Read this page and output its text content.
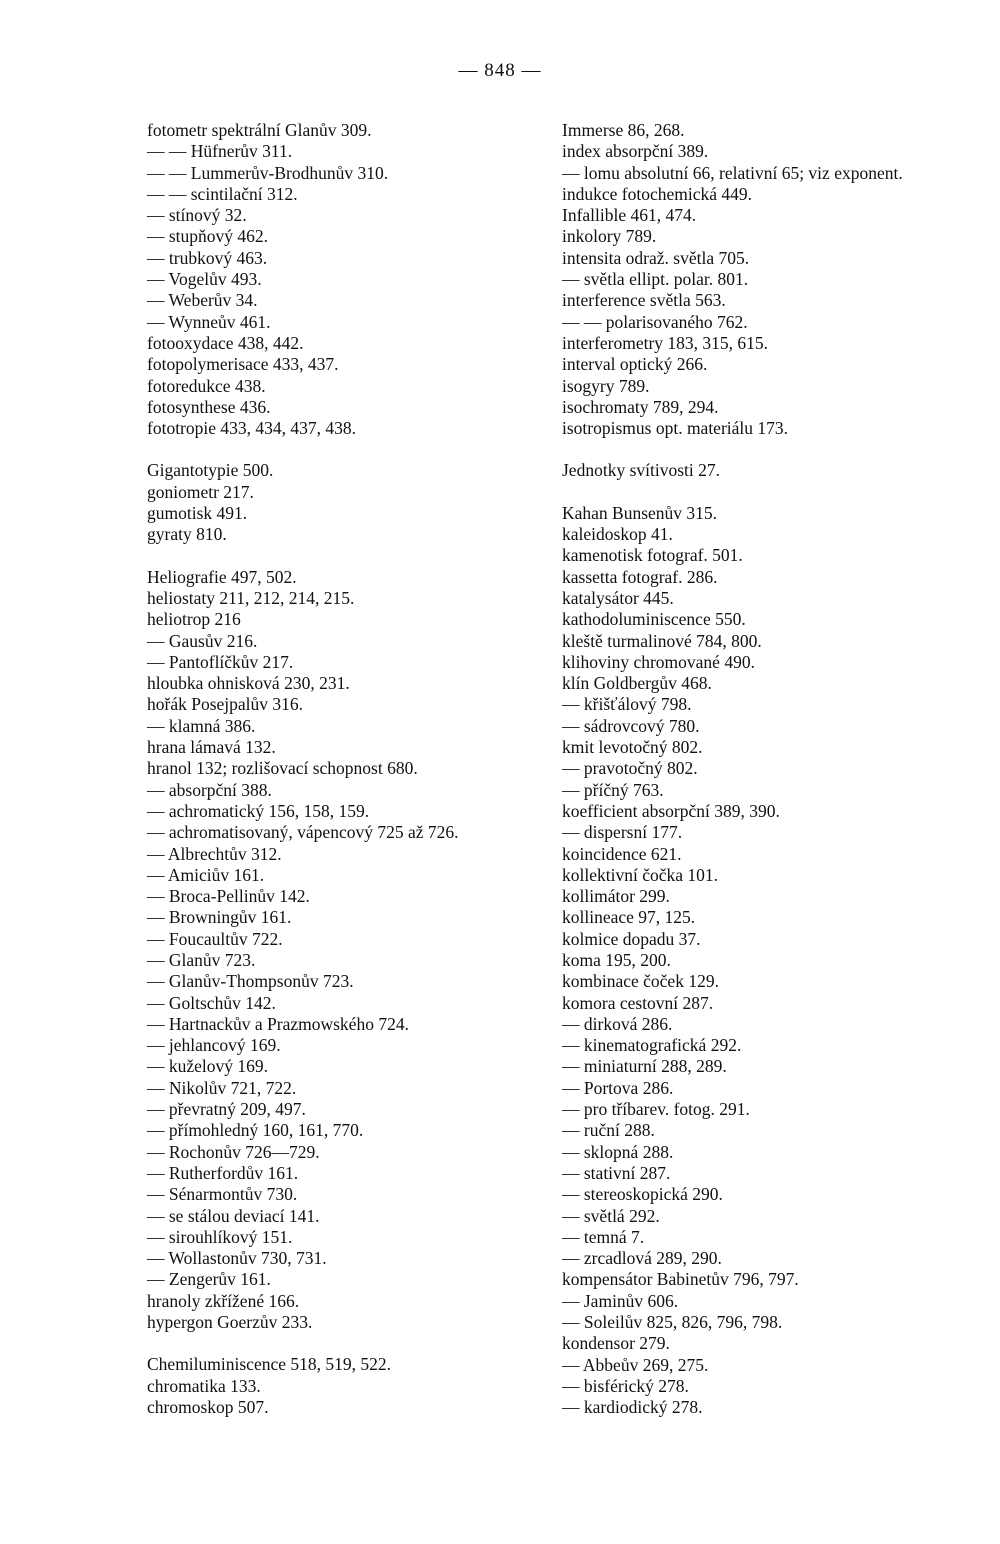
— 848 —
fotometr spektrální Glanův 309.
— — Hüfnerův 311.
— — Lummerův-Brodhunův 310.
— — scintilační 312.
— stínový 32.
— stupňový 462.
— trubkový 463.
— Vogelův 493.
— Weberův 34.
— Wynneův 461.
fotooxydace 438, 442.
fotopolymerisace 433, 437.
fotoredukce 438.
fotosynthese 436.
fototropie 433, 434, 437, 438.
Gigantotypie 500.
goniometr 217.
gumotisk 491.
gyraty 810.
Heliografie 497, 502.
heliostaty 211, 212, 214, 215.
heliotrop 216
— Gausův 216.
— Pantoflíčkův 217.
hloubka ohnisková 230, 231.
hořák Posejpalův 316.
— klamná 386.
hrana lámavá 132.
hranol 132; rozlišovací schopnost 680.
— absorpční 388.
— achromatický 156, 158, 159.
— achromatisovaný, vápencový 725 až 726.
— Albrechtův 312.
— Amiciův 161.
— Broca-Pellinův 142.
— Browningův 161.
— Foucaultův 722.
— Glanův 723.
— Glanův-Thompsonův 723.
— Goltschův 142.
— Hartnackův a Prazmowského 724.
— jehlancový 169.
— kuželový 169.
— Nikolův 721, 722.
— převratný 209, 497.
— přímohledný 160, 161, 770.
— Rochonův 726—729.
— Rutherfordův 161.
— Sénarmontův 730.
— se stálou deviací 141.
— sirouhlíkový 151.
— Wollastonův 730, 731.
— Zengerův 161.
hranoly zkřížené 166.
hypergon Goerzův 233.
Chemiluminiscence 518, 519, 522.
chromatika 133.
chromoskop 507.
Immerse 86, 268.
index absorpční 389.
— lomu absolutní 66, relativní 65; viz exponent.
indukce fotochemická 449.
Infallible 461, 474.
inkolory 789.
intensita odraž. světla 705.
— světla ellipt. polar. 801.
interference světla 563.
— — polarisovaného 762.
interferometry 183, 315, 615.
interval optický 266.
isogyry 789.
isochromaty 789, 294.
isotropismus opt. materiálu 173.
Jednotky svítivosti 27.
Kahan Bunsenův 315.
kaleidoskop 41.
kamenotisk fotograf. 501.
kassetta fotograf. 286.
katalysátor 445.
kathodoluminiscence 550.
kleště turmalinové 784, 800.
klihoviny chromované 490.
klín Goldbergův 468.
— křišťálový 798.
— sádrovcový 780.
kmit levotočný 802.
— pravotočný 802.
— příčný 763.
koefficient absorpční 389, 390.
— dispersní 177.
koincidence 621.
kollektivní čočka 101.
kollimátor 299.
kollineace 97, 125.
kolmice dopadu 37.
koma 195, 200.
kombinace čoček 129.
komora cestovní 287.
— dirková 286.
— kinematografická 292.
— miniaturní 288, 289.
— Portova 286.
— pro tříbarev. fotog. 291.
— ruční 288.
— sklopná 288.
— stativní 287.
— stereoskopická 290.
— světlá 292.
— temná 7.
— zrcadlová 289, 290.
kompensátor Babinetův 796, 797.
— Jaminův 606.
— Soleilův 825, 826, 796, 798.
kondensor 279.
— Abbeův 269, 275.
— bisférický 278.
— kardiodický 278.
